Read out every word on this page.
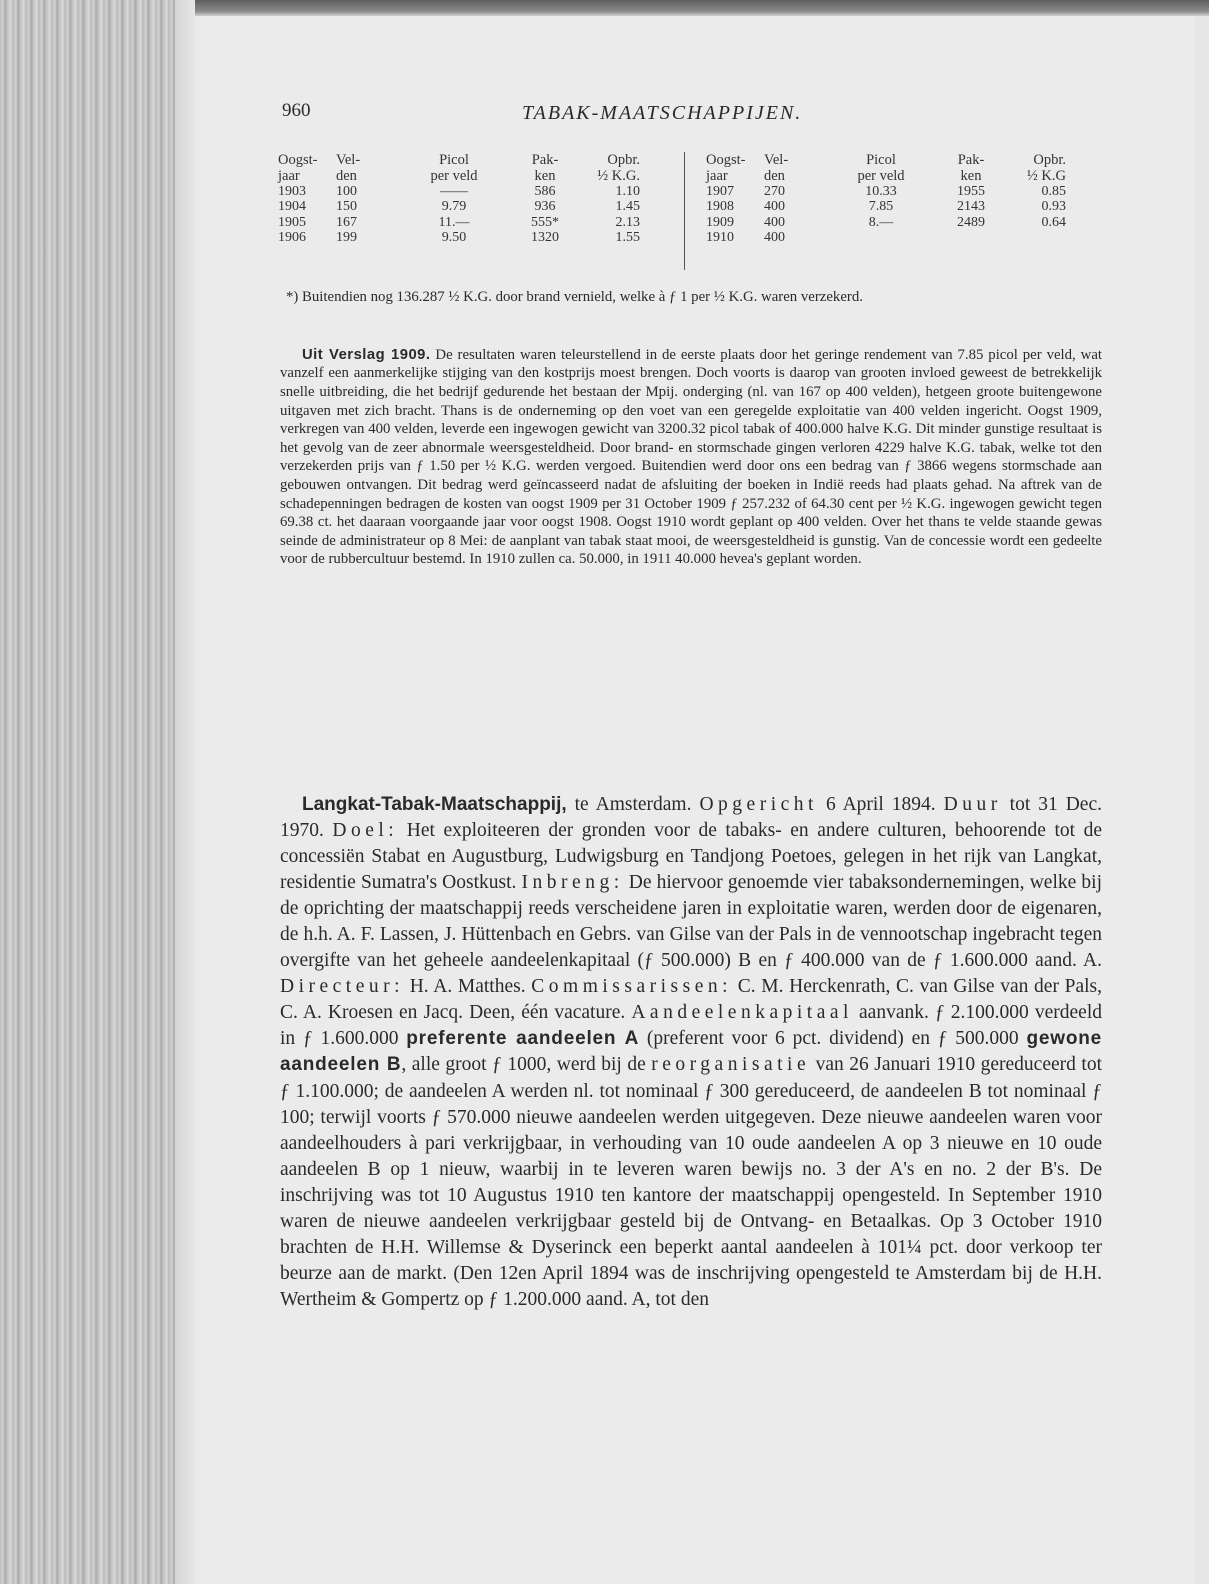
960	TABAK-MAATSCHAPPIJEN.
Oogst-	Vel-	Picol	Pak-	Opbr.
jaar	den	per veld	ken	½ K.G.
1903	100	——	586	1.10
1904	150	9.79	936	1.45
1905	167	11.—	555*	2.13
1906	199	9.50	1320	1.55
Oogst-	Vel-	Picol	Pak-	Opbr.
jaar	den	per veld	ken	½ K.G
1907	270	10.33	1955	0.85
1908	400	7.85	2143	0.93
1909	400	8.—	2489	0.64
1910	400			

*) Buitendien nog 136.287 ½ K.G. door brand vernield, welke à ƒ 1 per ½ K.G. waren verzekerd.

Uit Verslag 1909. De resultaten waren teleurstellend in de eerste plaats door het geringe rendement van 7.85 picol per veld, wat vanzelf een aanmerkelijke stijging van den kostprijs moest brengen. Doch voorts is daarop van grooten invloed geweest de betrekkelijk snelle uitbreiding, die het bedrijf gedurende het bestaan der Mpij. onderging (nl. van 167 op 400 velden), hetgeen groote buitengewone uitgaven met zich bracht. Thans is de onderneming op den voet van een geregelde exploitatie van 400 velden ingericht. Oogst 1909, verkregen van 400 velden, leverde een ingewogen gewicht van 3200.32 picol tabak of 400.000 halve K.G. Dit minder gunstige resultaat is het gevolg van de zeer abnormale weersgesteldheid. Door brand- en stormschade gingen verloren 4229 halve K.G. tabak, welke tot den verzekerden prijs van ƒ 1.50 per ½ K.G. werden vergoed. Buitendien werd door ons een bedrag van ƒ 3866 wegens stormschade aan gebouwen ontvangen. Dit bedrag werd geïncasseerd nadat de afsluiting der boeken in Indië reeds had plaats gehad. Na aftrek van de schadepenningen bedragen de kosten van oogst 1909 per 31 October 1909 ƒ 257.232 of 64.30 cent per ½ K.G. ingewogen gewicht tegen 69.38 ct. het daaraan voorgaande jaar voor oogst 1908. Oogst 1910 wordt geplant op 400 velden. Over het thans te velde staande gewas seinde de administrateur op 8 Mei: de aanplant van tabak staat mooi, de weersgesteldheid is gunstig. Van de concessie wordt een gedeelte voor de rubbercultuur bestemd. In 1910 zullen ca. 50.000, in 1911 40.000 hevea's geplant worden.

Langkat-Tabak-Maatschappij, te Amsterdam. Opgericht 6 April 1894. Duur tot 31 Dec. 1970. Doel: Het exploiteeren der gronden voor de tabaks- en andere culturen, behoorende tot de concessiën Stabat en Augustburg, Ludwigsburg en Tandjong Poetoes, gelegen in het rijk van Langkat, residentie Sumatra's Oostkust. Inbreng: De hiervoor genoemde vier tabaksondernemingen, welke bij de oprichting der maatschappij reeds verscheidene jaren in exploitatie waren, werden door de eigenaren, de h.h. A. F. Lassen, J. Hüttenbach en Gebrs. van Gilse van der Pals in de vennootschap ingebracht tegen overgifte van het geheele aandeelenkapitaal (ƒ 500.000) B en ƒ 400.000 van de ƒ 1.600.000 aand. A. Directeur: H. A. Matthes. Commissarissen: C. M. Herckenrath, C. van Gilse van der Pals, C. A. Kroesen en Jacq. Deen, één vacature. Aandeelenkapitaal aanvank. ƒ 2.100.000 verdeeld in ƒ 1.600.000 preferente aandeelen A (preferent voor 6 pct. dividend) en ƒ 500.000 gewone aandeelen B, alle groot ƒ 1000, werd bij de reorganisatie van 26 Januari 1910 gereduceerd tot ƒ 1.100.000; de aandeelen A werden nl. tot nominaal ƒ 300 gereduceerd, de aandeelen B tot nominaal ƒ 100; terwijl voorts ƒ 570.000 nieuwe aandeelen werden uitgegeven. Deze nieuwe aandeelen waren voor aandeelhouders à pari verkrijgbaar, in verhouding van 10 oude aandeelen A op 3 nieuwe en 10 oude aandeelen B op 1 nieuw, waarbij in te leveren waren bewijs no. 3 der A's en no. 2 der B's. De inschrijving was tot 10 Augustus 1910 ten kantore der maatschappij opengesteld. In September 1910 waren de nieuwe aandeelen verkrijgbaar gesteld bij de Ontvang- en Betaalkas. Op 3 October 1910 brachten de H.H. Willemse & Dyserinck een beperkt aantal aandeelen à 101¼ pct. door verkoop ter beurze aan de markt. (Den 12en April 1894 was de inschrijving opengesteld te Amsterdam bij de H.H. Wertheim & Gompertz op ƒ 1.200.000 aand. A, tot den
